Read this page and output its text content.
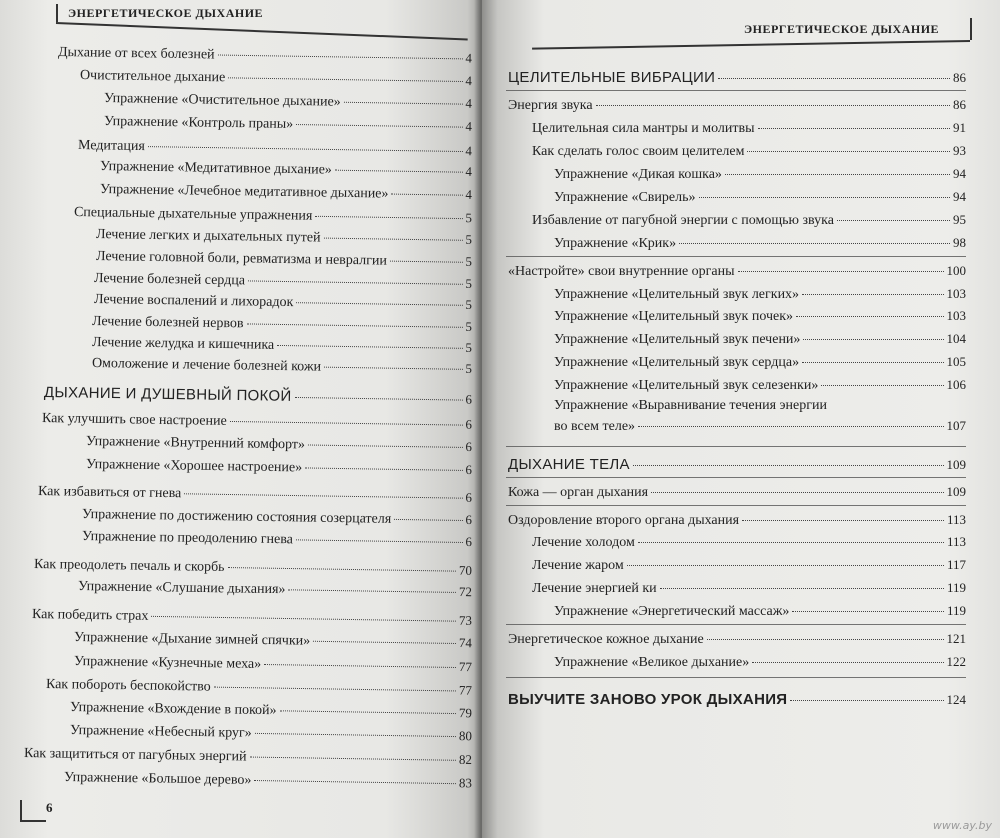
ЭНЕРГЕТИЧЕСКОЕ ДЫХАНИЕ
Дыхание от всех болезней	4
Очистительное дыхание	4
Упражнение «Очистительное дыхание»	4
Упражнение «Контроль праны»	4
Медитация	4
Упражнение «Медитативное дыхание»	4
Упражнение «Лечебное медитативное дыхание»	4
Специальные дыхательные упражнения	5
Лечение легких и дыхательных путей	5
Лечение головной боли, ревматизма и невралгии	5
Лечение болезней сердца	5
Лечение воспалений и лихорадок	5
Лечение болезней нервов	5
Лечение желудка и кишечника	5
Омоложение и лечение болезней кожи	5
ДЫХАНИЕ И ДУШЕВНЫЙ ПОКОЙ	6
Как улучшить свое настроение	6
Упражнение «Внутренний комфорт»	6
Упражнение «Хорошее настроение»	6
Как избавиться от гнева	6
Упражнение по достижению состояния созерцателя	6
Упражнение по преодолению гнева	6
Как преодолеть печаль и скорбь	70
Упражнение «Слушание дыхания»	72
Как победить страх	73
Упражнение «Дыхание зимней спячки»	74
Упражнение «Кузнечные меха»	77
Как побороть беспокойство	77
Упражнение «Вхождение в покой»	79
Упражнение «Небесный круг»	80
Как защититься от пагубных энергий	82
Упражнение «Большое дерево»	83
6
ЭНЕРГЕТИЧЕСКОЕ ДЫХАНИЕ
ЦЕЛИТЕЛЬНЫЕ ВИБРАЦИИ	86
Энергия звука	86
Целительная сила мантры и молитвы	91
Как сделать голос своим целителем	93
Упражнение «Дикая кошка»	94
Упражнение «Свирель»	94
Избавление от пагубной энергии с помощью звука	95
Упражнение «Крик»	98
«Настройте» свои внутренние органы	100
Упражнение «Целительный звук легких»	103
Упражнение «Целительный звук почек»	103
Упражнение «Целительный звук печени»	104
Упражнение «Целительный звук сердца»	105
Упражнение «Целительный звук селезенки»	106
Упражнение «Выравнивание течения энергии
во всем теле»	107
ДЫХАНИЕ ТЕЛА	109
Кожа — орган дыхания	109
Оздоровление второго органа дыхания	113
Лечение холодом	113
Лечение жаром	117
Лечение энергией ки	119
Упражнение «Энергетический массаж»	119
Энергетическое кожное дыхание	121
Упражнение «Великое дыхание»	122
ВЫУЧИТЕ ЗАНОВО УРОК ДЫХАНИЯ	124
www.ay.by
